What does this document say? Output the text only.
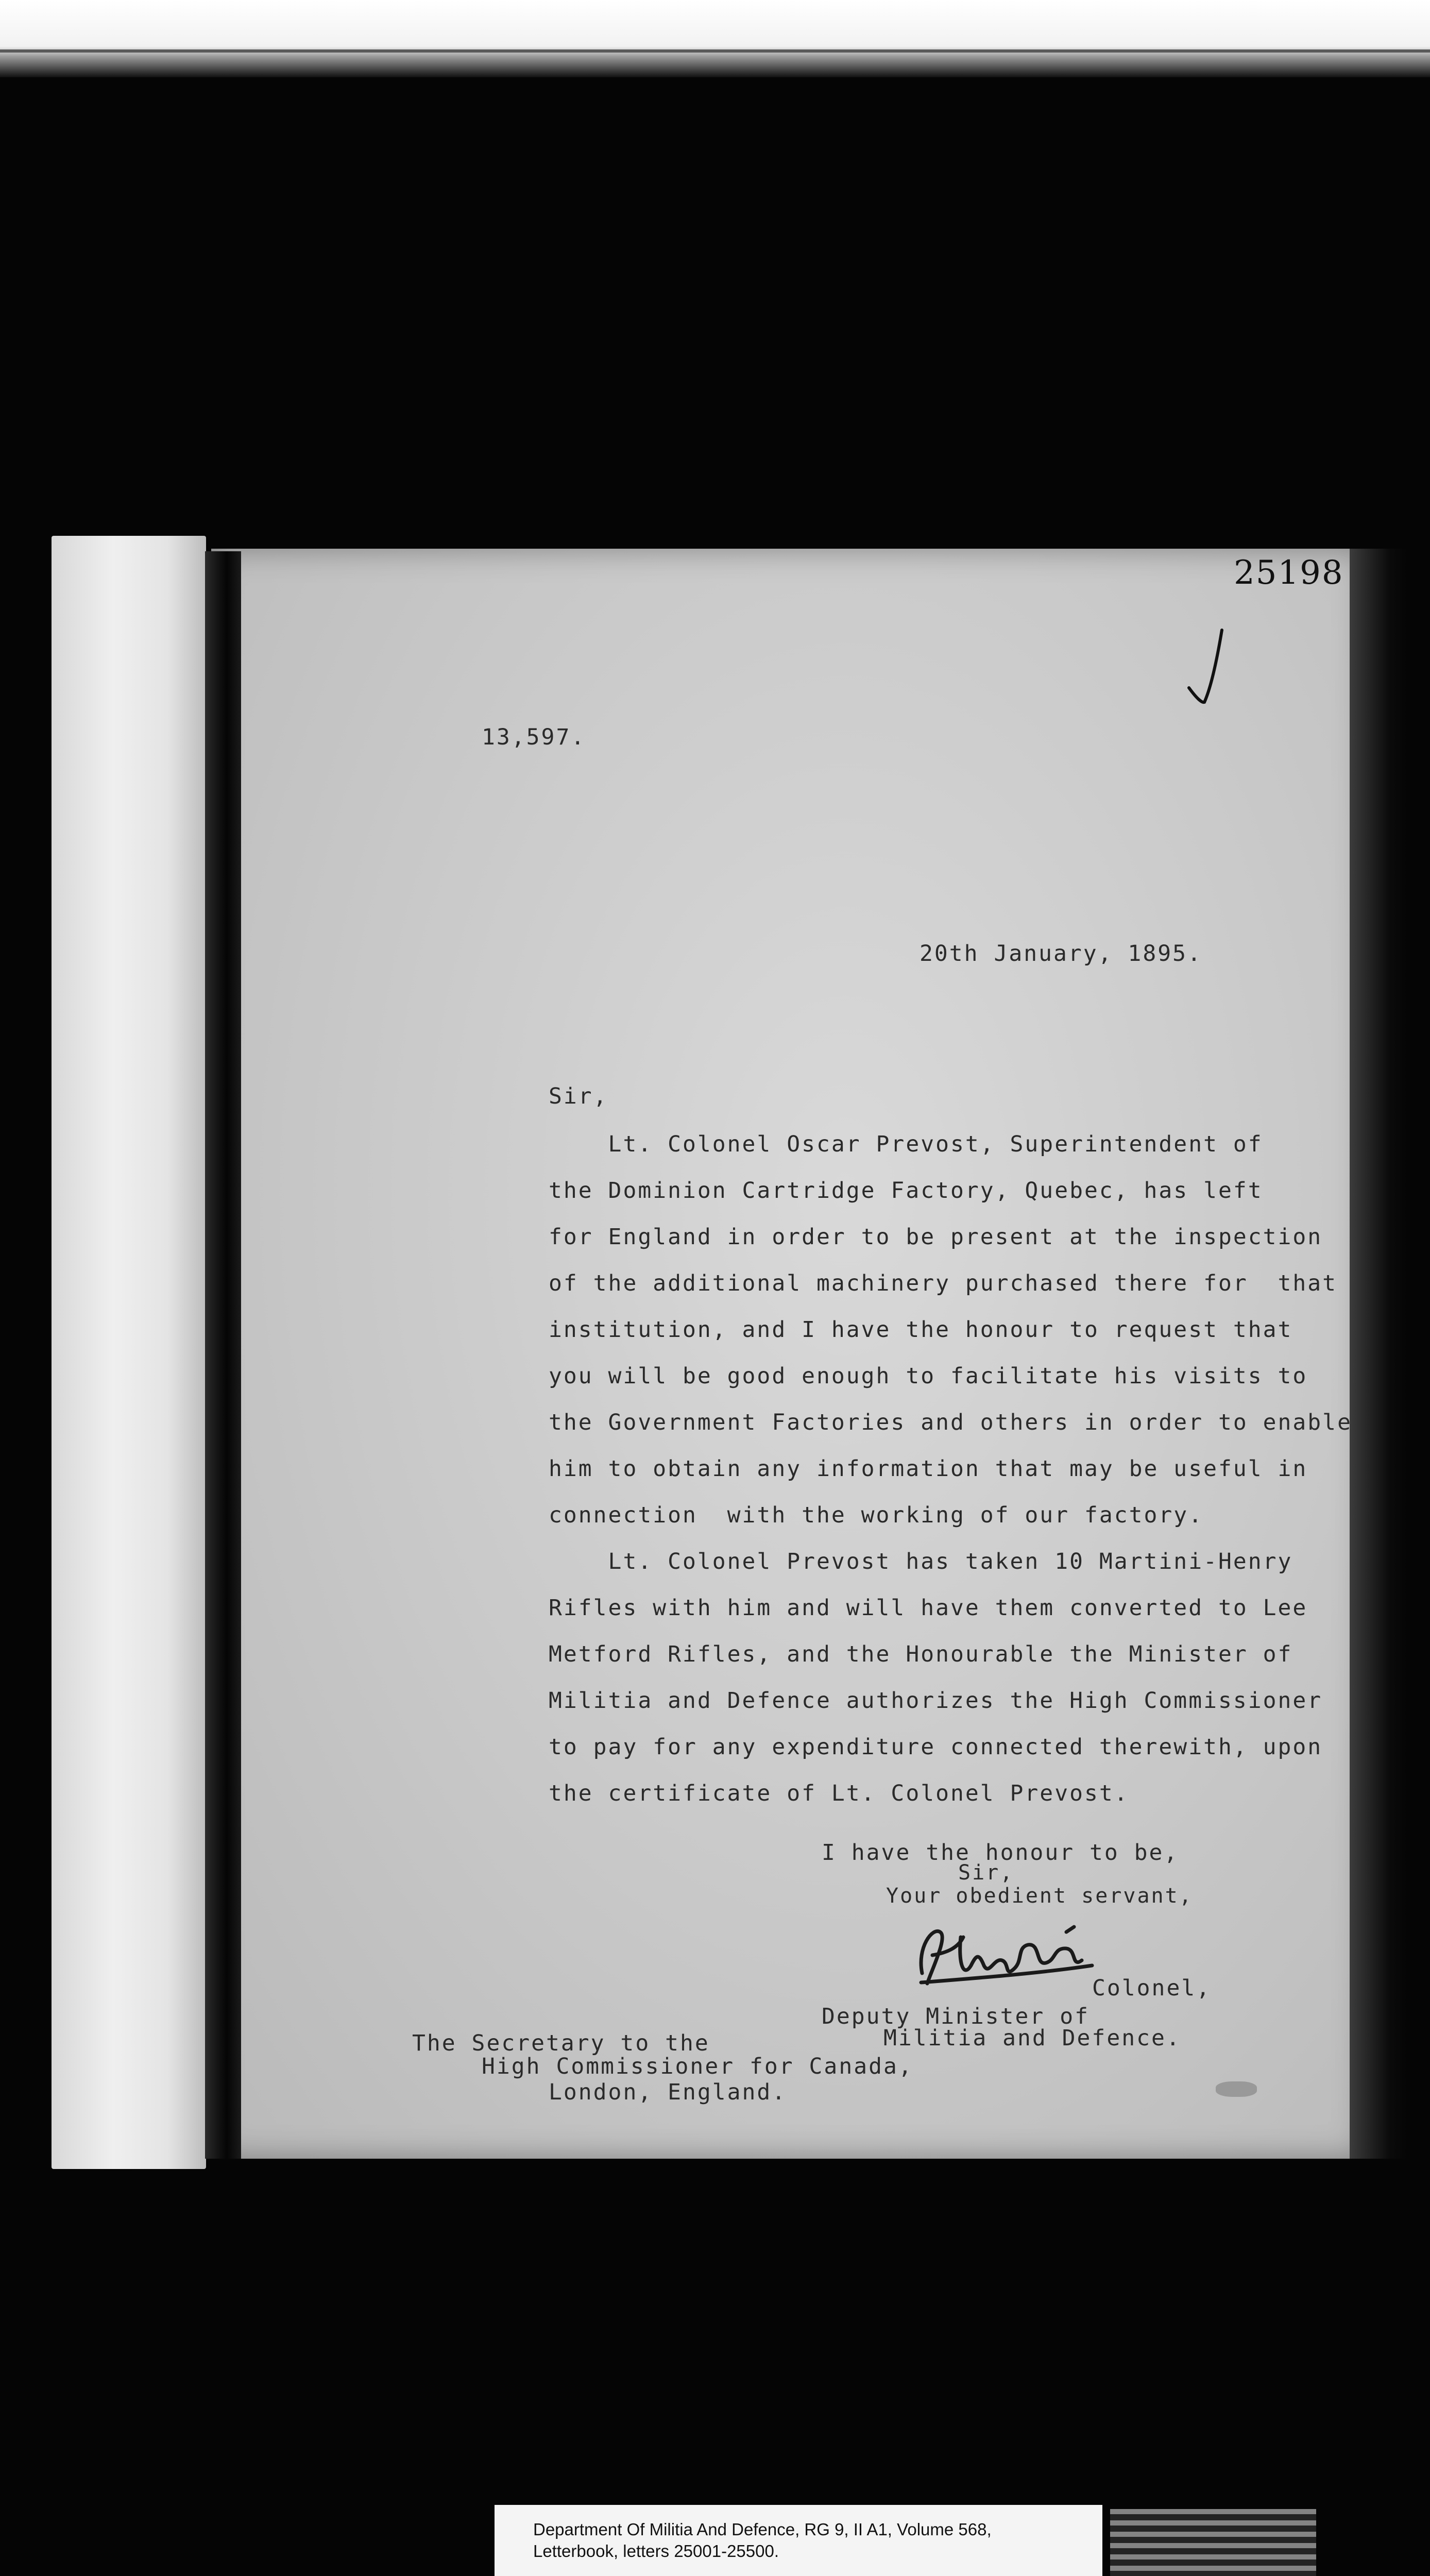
25198
13,597.
20th January, 1895.
Sir,

Lt. Colonel Oscar Prevost, Superintendent of

the Dominion Cartridge Factory, Quebec, has left

for England in order to be present at the inspection

of the additional machinery purchased there for  that

institution, and I have the honour to request that

you will be good enough to facilitate his visits to

the Government Factories and others in order to enable

him to obtain any information that may be useful in

connection  with the working of our factory.

Lt. Colonel Prevost has taken 10 Martini-Henry

Rifles with him and will have them converted to Lee

Metford Rifles, and the Honourable the Minister of

Militia and Defence authorizes the High Commissioner

to pay for any expenditure connected therewith, upon

the certificate of Lt. Colonel Prevost.

I have the honour to be,
Sir,
Your obedient servant,
Colonel,
Deputy Minister of
Militia and Defence.
The Secretary to the
High Commissioner for Canada,
London, England.
Department Of Militia And Defence, RG 9, II A1, Volume 568,
Letterbook, letters 25001-25500.
